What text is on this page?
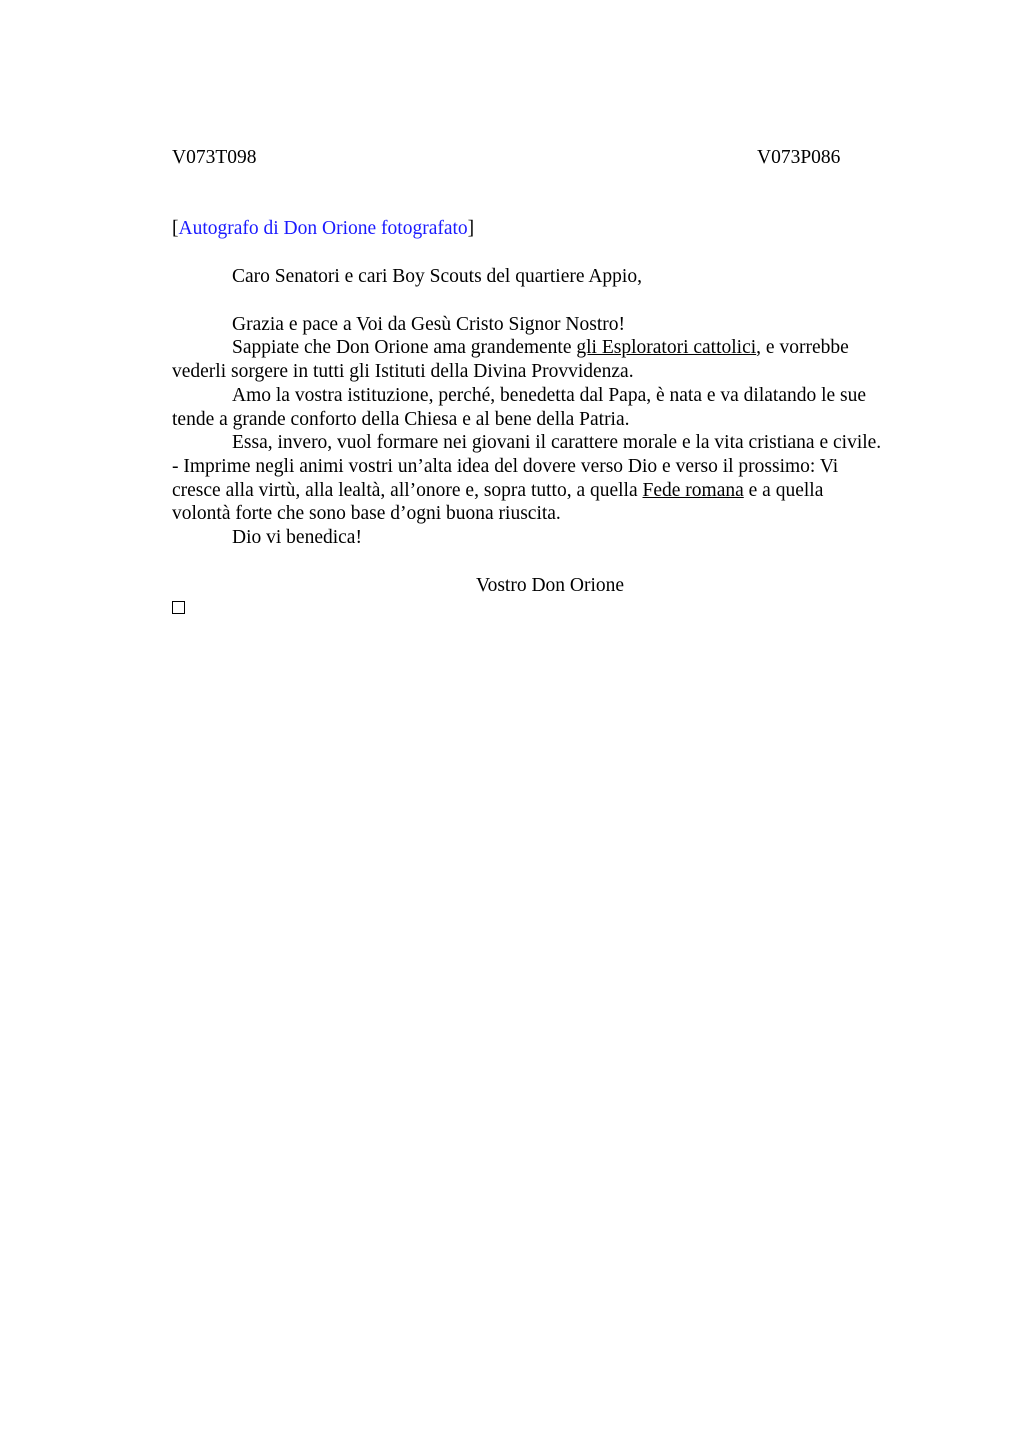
V073T098	V073P086
[Autografo di Don Orione fotografato]
Caro Senatori e cari Boy Scouts del quartiere Appio,
Grazia e pace a Voi da Gesù Cristo Signor Nostro!
Sappiate che Don Orione ama grandemente gli Esploratori cattolici, e vorrebbe
vederli sorgere in tutti gli Istituti della Divina Provvidenza.
Amo la vostra istituzione, perché, benedetta dal Papa, è nata e va dilatando le sue
tende a grande conforto della Chiesa e al bene della Patria.
Essa, invero, vuol formare nei giovani il carattere morale e la vita cristiana e civile.
- Imprime negli animi vostri un’alta idea del dovere verso Dio e verso il prossimo: Vi
cresce alla virtù, alla lealtà, all’onore e, sopra tutto, a quella Fede romana e a quella
volontà forte che sono base d’ogni buona riuscita.
Dio vi benedica!
Vostro Don Orione
